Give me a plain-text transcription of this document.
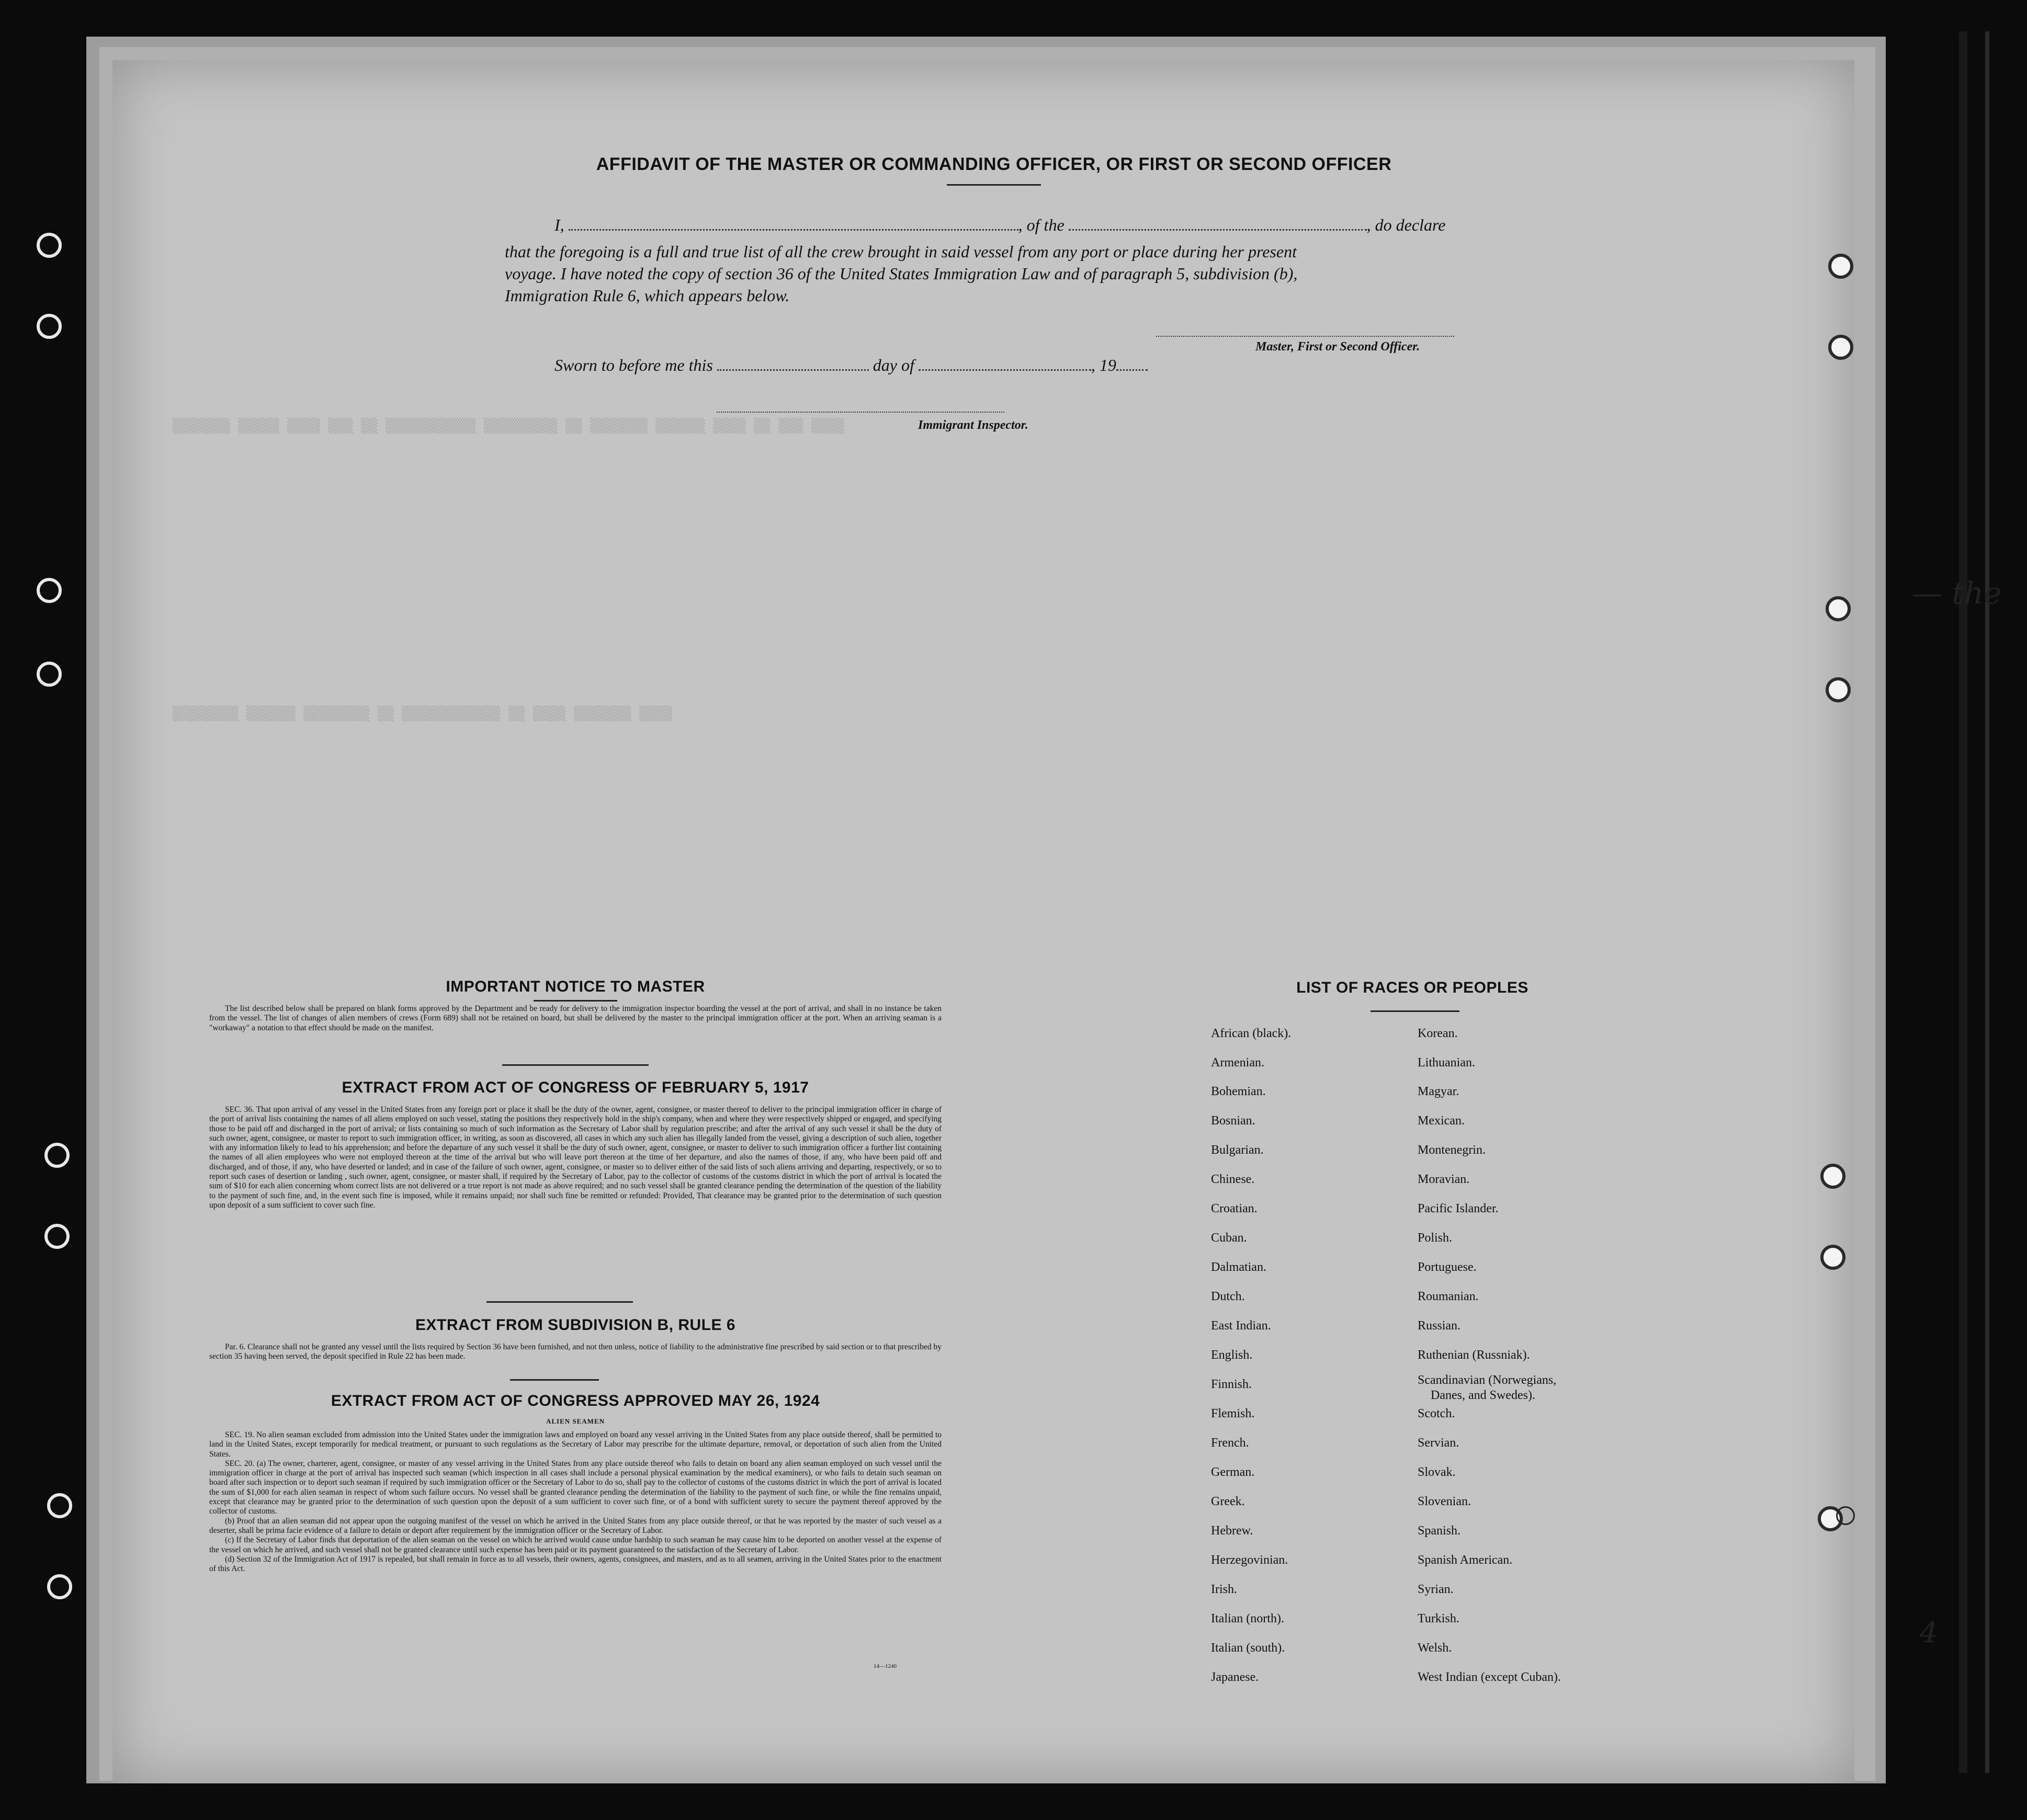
▒▒▒▒▒▒▒ ▒▒▒▒▒ ▒▒▒▒ ▒▒▒ ▒▒ ▒▒▒▒▒▒▒▒▒▒▒ ▒▒▒▒▒▒▒▒▒ ▒▒ ▒▒▒▒▒▒▒ ▒▒▒▒▒▒ ▒▒▒▒ ▒▒ ▒▒▒ ▒▒▒▒
▒▒▒▒▒▒▒▒ ▒▒▒▒▒▒ ▒▒▒▒▒▒▒▒ ▒▒ ▒▒▒▒▒▒▒▒▒▒▒▒ ▒▒ ▒▒▒▒ ▒▒▒▒▒▒▒ ▒▒▒▒
AFFIDAVIT OF THE MASTER OR COMMANDING OFFICER, OR FIRST OR SECOND OFFICER
I,	, of the	, do declare
that the foregoing is a full and true list of all the crew brought in said vessel from any port or place during her present
voyage. I have noted the copy of section 36 of the United States Immigration Law and of paragraph 5, subdivision (b),
Immigration Rule 6, which appears below.
Master, First or Second Officer.
Sworn to before me this	day of	, 19
Immigrant Inspector.
IMPORTANT NOTICE TO MASTER

The list described below shall be prepared on blank forms approved by the Department and be ready for delivery to the immigration inspector boarding the vessel at the port of arrival, and shall in no instance be taken from the vessel. The list of changes of alien members of crews (Form 689) shall not be retained on board, but shall be delivered by the master to the principal immigration officer at the port. When an arriving seaman is a "workaway" a notation to that effect should be made on the manifest.

EXTRACT FROM ACT OF CONGRESS OF FEBRUARY 5, 1917

SEC. 36. That upon arrival of any vessel in the United States from any foreign port or place it shall be the duty of the owner, agent, consignee, or master thereof to deliver to the principal immigration officer in charge of the port of arrival lists containing the names of all aliens employed on such vessel, stating the positions they respectively hold in the ship's company, when and where they were respectively shipped or engaged, and specifying those to be paid off and discharged in the port of arrival; or lists containing so much of such information as the Secretary of Labor shall by regulation prescribe; and after the arrival of any such vessel it shall be the duty of such owner, agent, consignee, or master to report to such immigration officer, in writing, as soon as discovered, all cases in which any such alien has illegally landed from the vessel, giving a description of such alien, together with any information likely to lead to his apprehension; and before the departure of any such vessel it shall be the duty of such owner, agent, consignee, or master to deliver to such immigration officer a further list containing the names of all alien employees who were not employed thereon at the time of the arrival but who will leave port thereon at the time of her departure, and also the names of those, if any, who have been paid off and discharged, and of those, if any, who have deserted or landed; and in case of the failure of such owner, agent, consignee, or master so to deliver either of the said lists of such aliens arriving and departing, respectively, or so to report such cases of desertion or landing , such owner, agent, consignee, or master shall, if required by the Secretary of Labor, pay to the collector of customs of the customs district in which the port of arrival is located the sum of $10 for each alien concerning whom correct lists are not delivered or a true report is not made as above required; and no such vessel shall be granted clearance pending the determination of the question of the liability to the payment of such fine, and, in the event such fine is imposed, while it remains unpaid; nor shall such fine be remitted or refunded: Provided, That clearance may be granted prior to the determination of such question upon deposit of a sum sufficient to cover such fine.

EXTRACT FROM SUBDIVISION B, RULE 6

Par. 6. Clearance shall not be granted any vessel until the lists required by Section 36 have been furnished, and not then unless, notice of liability to the administrative fine prescribed by said section or to that prescribed by section 35 having been served, the deposit specified in Rule 22 has been made.

EXTRACT FROM ACT OF CONGRESS APPROVED MAY 26, 1924
ALIEN SEAMEN

SEC. 19. No alien seaman excluded from admission into the United States under the immigration laws and employed on board any vessel arriving in the United States from any place outside thereof, shall be permitted to land in the United States, except temporarily for medical treatment, or pursuant to such regulations as the Secretary of Labor may prescribe for the ultimate departure, removal, or deportation of such alien from the United States.

SEC. 20. (a) The owner, charterer, agent, consignee, or master of any vessel arriving in the United States from any place outside thereof who fails to detain on board any alien seaman employed on such vessel until the immigration officer in charge at the port of arrival has inspected such seaman (which inspection in all cases shall include a personal physical examination by the medical examiners), or who fails to detain such seaman on board after such inspection or to deport such seaman if required by such immigration officer or the Secretary of Labor to do so, shall pay to the collector of customs of the customs district in which the port of arrival is located the sum of $1,000 for each alien seaman in respect of whom such failure occurs. No vessel shall be granted clearance pending the determination of the liability to the payment of such fine, or while the fine remains unpaid, except that clearance may be granted prior to the determination of such question upon the deposit of a sum sufficient to cover such fine, or of a bond with sufficient surety to secure the payment thereof approved by the collector of customs.

(b) Proof that an alien seaman did not appear upon the outgoing manifest of the vessel on which he arrived in the United States from any place outside thereof, or that he was reported by the master of such vessel as a deserter, shall be prima facie evidence of a failure to detain or deport after requirement by the immigration officer or the Secretary of Labor.

(c) If the Secretary of Labor finds that deportation of the alien seaman on the vessel on which he arrived would cause undue hardship to such seaman he may cause him to be deported on another vessel at the expense of the vessel on which he arrived, and such vessel shall not be granted clearance until such expense has been paid or its payment guaranteed to the satisfaction of the Secretary of Labor.

(d) Section 32 of the Immigration Act of 1917 is repealed, but shall remain in force as to all vessels, their owners, agents, consignees, and masters, and as to all seamen, arriving in the United States prior to the enactment of this Act.

14—1240
LIST OF RACES OR PEOPLES
African (black).
Armenian.
Bohemian.
Bosnian.
Bulgarian.
Chinese.
Croatian.
Cuban.
Dalmatian.
Dutch.
East Indian.
English.
Finnish.
Flemish.
French.
German.
Greek.
Hebrew.
Herzegovinian.
Irish.
Italian (north).
Italian (south).
Japanese.
Korean.
Lithuanian.
Magyar.
Mexican.
Montenegrin.
Moravian.
Pacific Islander.
Polish.
Portuguese.
Roumanian.
Russian.
Ruthenian (Russniak).
Scandinavian (Norwegians,
Danes, and Swedes).
Scotch.
Servian.
Slovak.
Slovenian.
Spanish.
Spanish American.
Syrian.
Turkish.
Welsh.
West Indian (except Cuban).
— the
4
